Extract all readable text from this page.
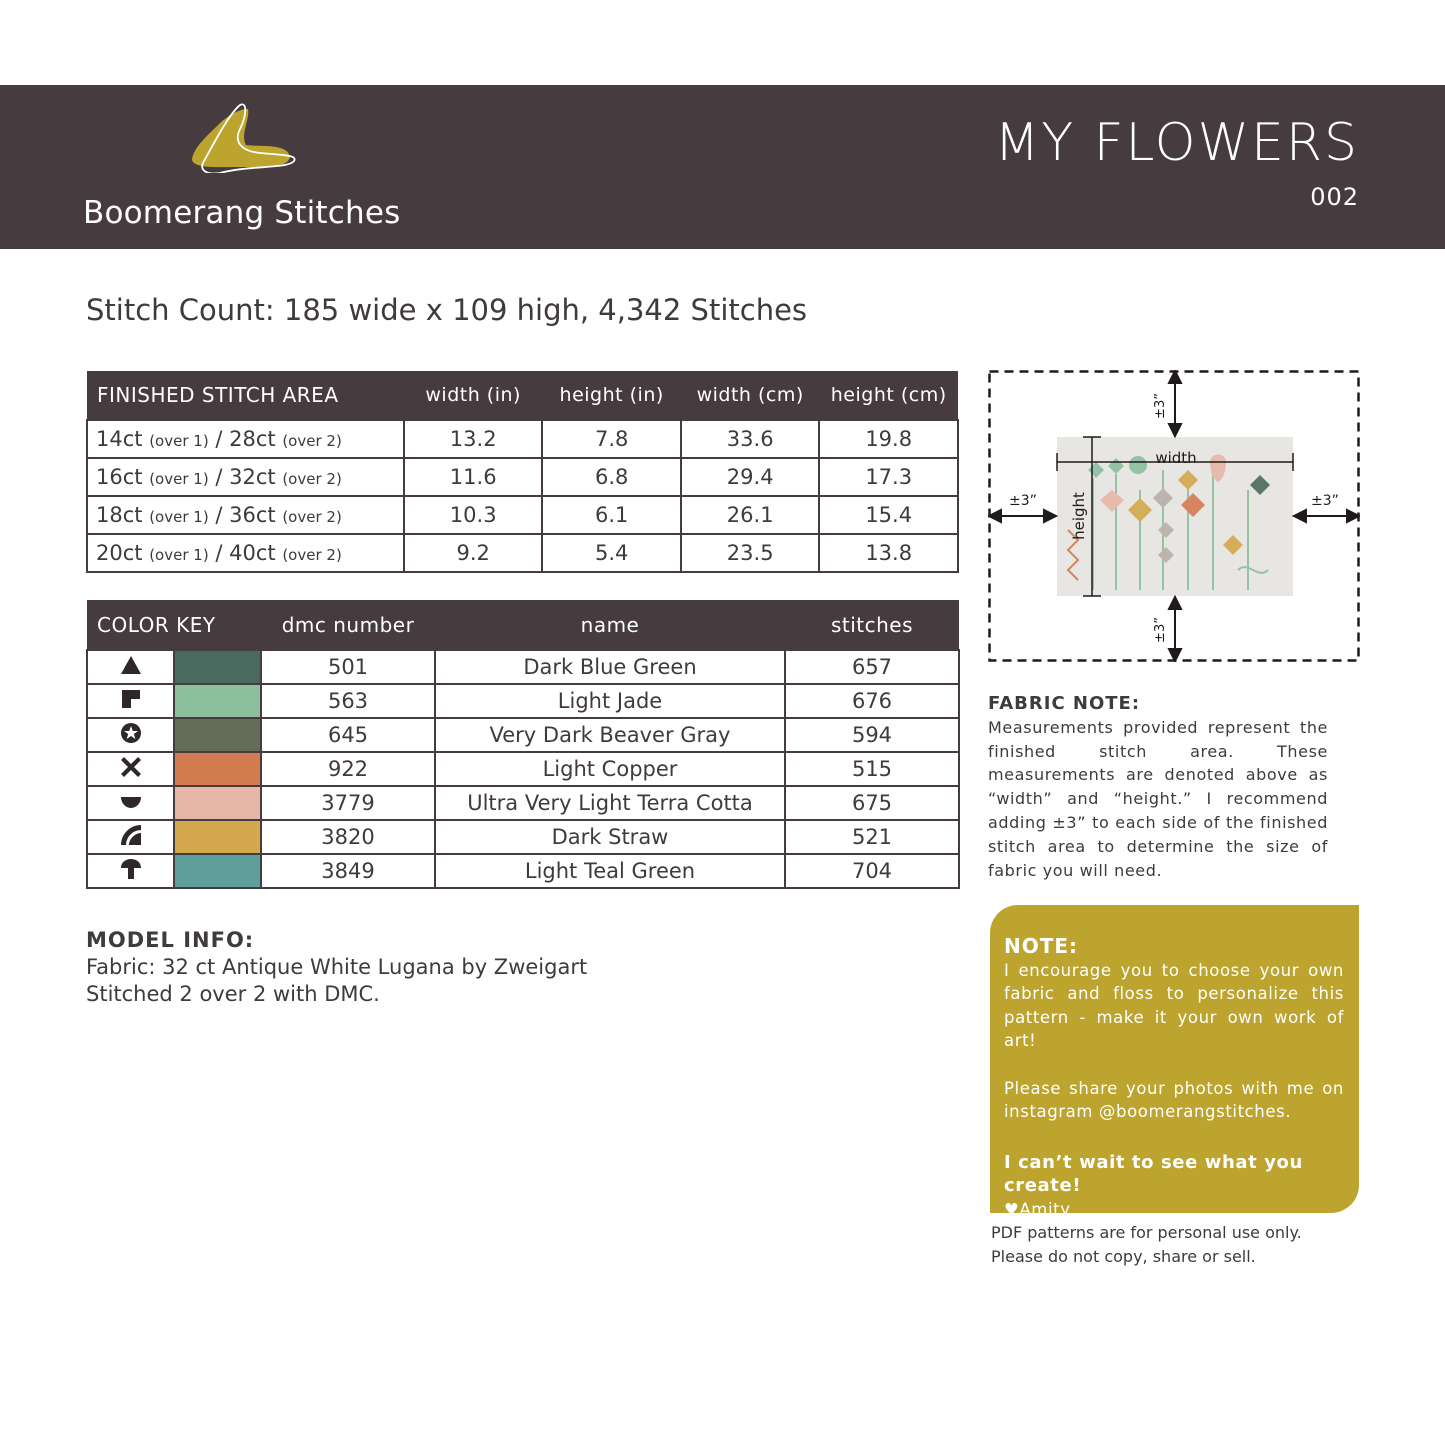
Boomerang Stitches
MY FLOWERS
002
Stitch Count: 185 wide x 109 high, 4,342 Stitches
FINISHED STITCH AREA	width (in)	height (in)	width (cm)	height (cm)
14ct (over 1) / 28ct (over 2)	13.2	7.8	33.6	19.8
16ct (over 1) / 32ct (over 2)	11.6	6.8	29.4	17.3
18ct (over 1) / 36ct (over 2)	10.3	6.1	26.1	15.4
20ct (over 1) / 40ct (over 2)	9.2	5.4	23.5	13.8
COLOR KEY		dmc number	name	stitches
		501	Dark Blue Green	657
		563	Light Jade	676
		645	Very Dark Beaver Gray	594
		922	Light Copper	515
		3779	Ultra Very Light Terra Cotta	675
		3820	Dark Straw	521
		3849	Light Teal Green	704
MODEL INFO:
Fabric: 32 ct Antique White Lugana by Zweigart
Stitched 2 over 2 with DMC.
width
height
±3”
±3”
±3”	±3”
FABRIC NOTE:
Measurements provided represent the finished stitch area. These measurements are denoted above as “width” and “height.” I recommend adding ±3” to each side of the finished stitch area to determine the size of fabric you will need.
NOTE:

I encourage you to choose your own fabric and floss to personalize this pattern - make it your own work of art!

Please share your photos with me on instagram @boomerangstitches.

I can’t wait to see what you create!

♥Amity

PDF patterns are for personal use only.
Please do not copy, share or sell.
